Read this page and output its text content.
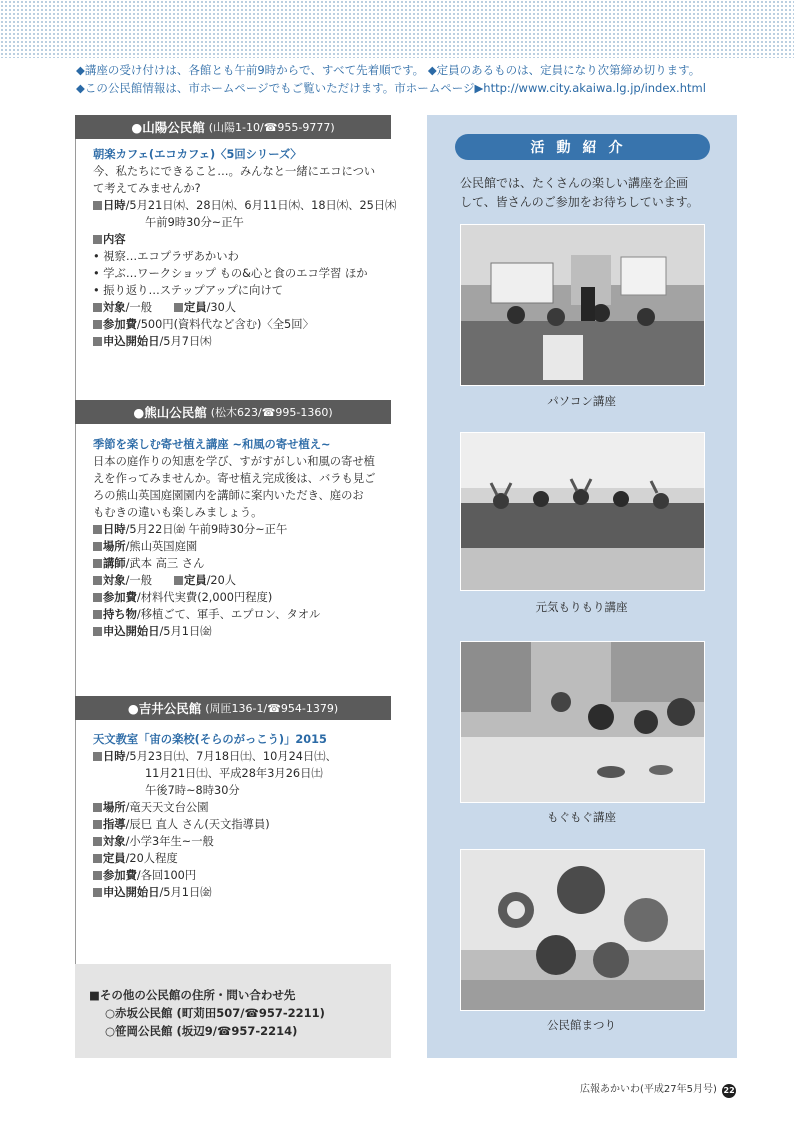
◆講座の受け付けは、各館とも午前9時からで、すべて先着順です。 ◆定員のあるものは、定員になり次第締め切ります。
◆この公民館情報は、市ホームページでもご覧いただけます。市ホームページ▶http://www.city.akaiwa.lg.jp/index.html
●山陽公民館 (山陽1-10/☎955-9777)
朝楽カフェ(エコカフェ)〈5回シリーズ〉
今、私たちにできること…。みんなと一緒にエコについ
て考えてみませんか?
日時/5月21日㈭、28日㈭、6月11日㈭、18日㈭、25日㈭
午前9時30分~正午
内容
• 視察…エコプラザあかいわ
• 学ぶ…ワークショップ もの&心と食のエコ学習 ほか
• 振り返り…ステップアップに向けて
対象/一般	定員/30人
参加費/500円(資料代など含む)〈全5回〉
申込開始日/5月7日㈭
●熊山公民館 (松木623/☎995-1360)
季節を楽しむ寄せ植え講座 ~和風の寄せ植え~
日本の庭作りの知恵を学び、すがすがしい和風の寄せ植
えを作ってみませんか。寄せ植え完成後は、バラも見ご
ろの熊山英国庭園園内を講師に案内いただき、庭のお
もむきの違いも楽しみましょう。
日時/5月22日㈮ 午前9時30分~正午
場所/熊山英国庭園
講師/武本 高三 さん
対象/一般	定員/20人
参加費/材料代実費(2,000円程度)
持ち物/移植ごて、軍手、エプロン、タオル
申込開始日/5月1日㈮
●吉井公民館 (周匝136-1/☎954-1379)
天文教室「宙の楽校(そらのがっこう)」2015
日時/5月23日㈯、7月18日㈯、10月24日㈯、
11月21日㈯、平成28年3月26日㈯
午後7時~8時30分
場所/竜天天文台公園
指導/辰巳 直人 さん(天文指導員)
対象/小学3年生~一般
定員/20人程度
参加費/各回100円
申込開始日/5月1日㈮
■その他の公民館の住所・問い合わせ先
○赤坂公民館 (町苅田507/☎957-2211)
○笹岡公民館 (坂辺9/☎957-2214)
活動紹介
公民館では、たくさんの楽しい講座を企画
して、皆さんのご参加をお待ちしています。
パソコン講座
元気もりもり講座
もぐもぐ講座
公民館まつり
広報あかいわ(平成27年5月号) 22
